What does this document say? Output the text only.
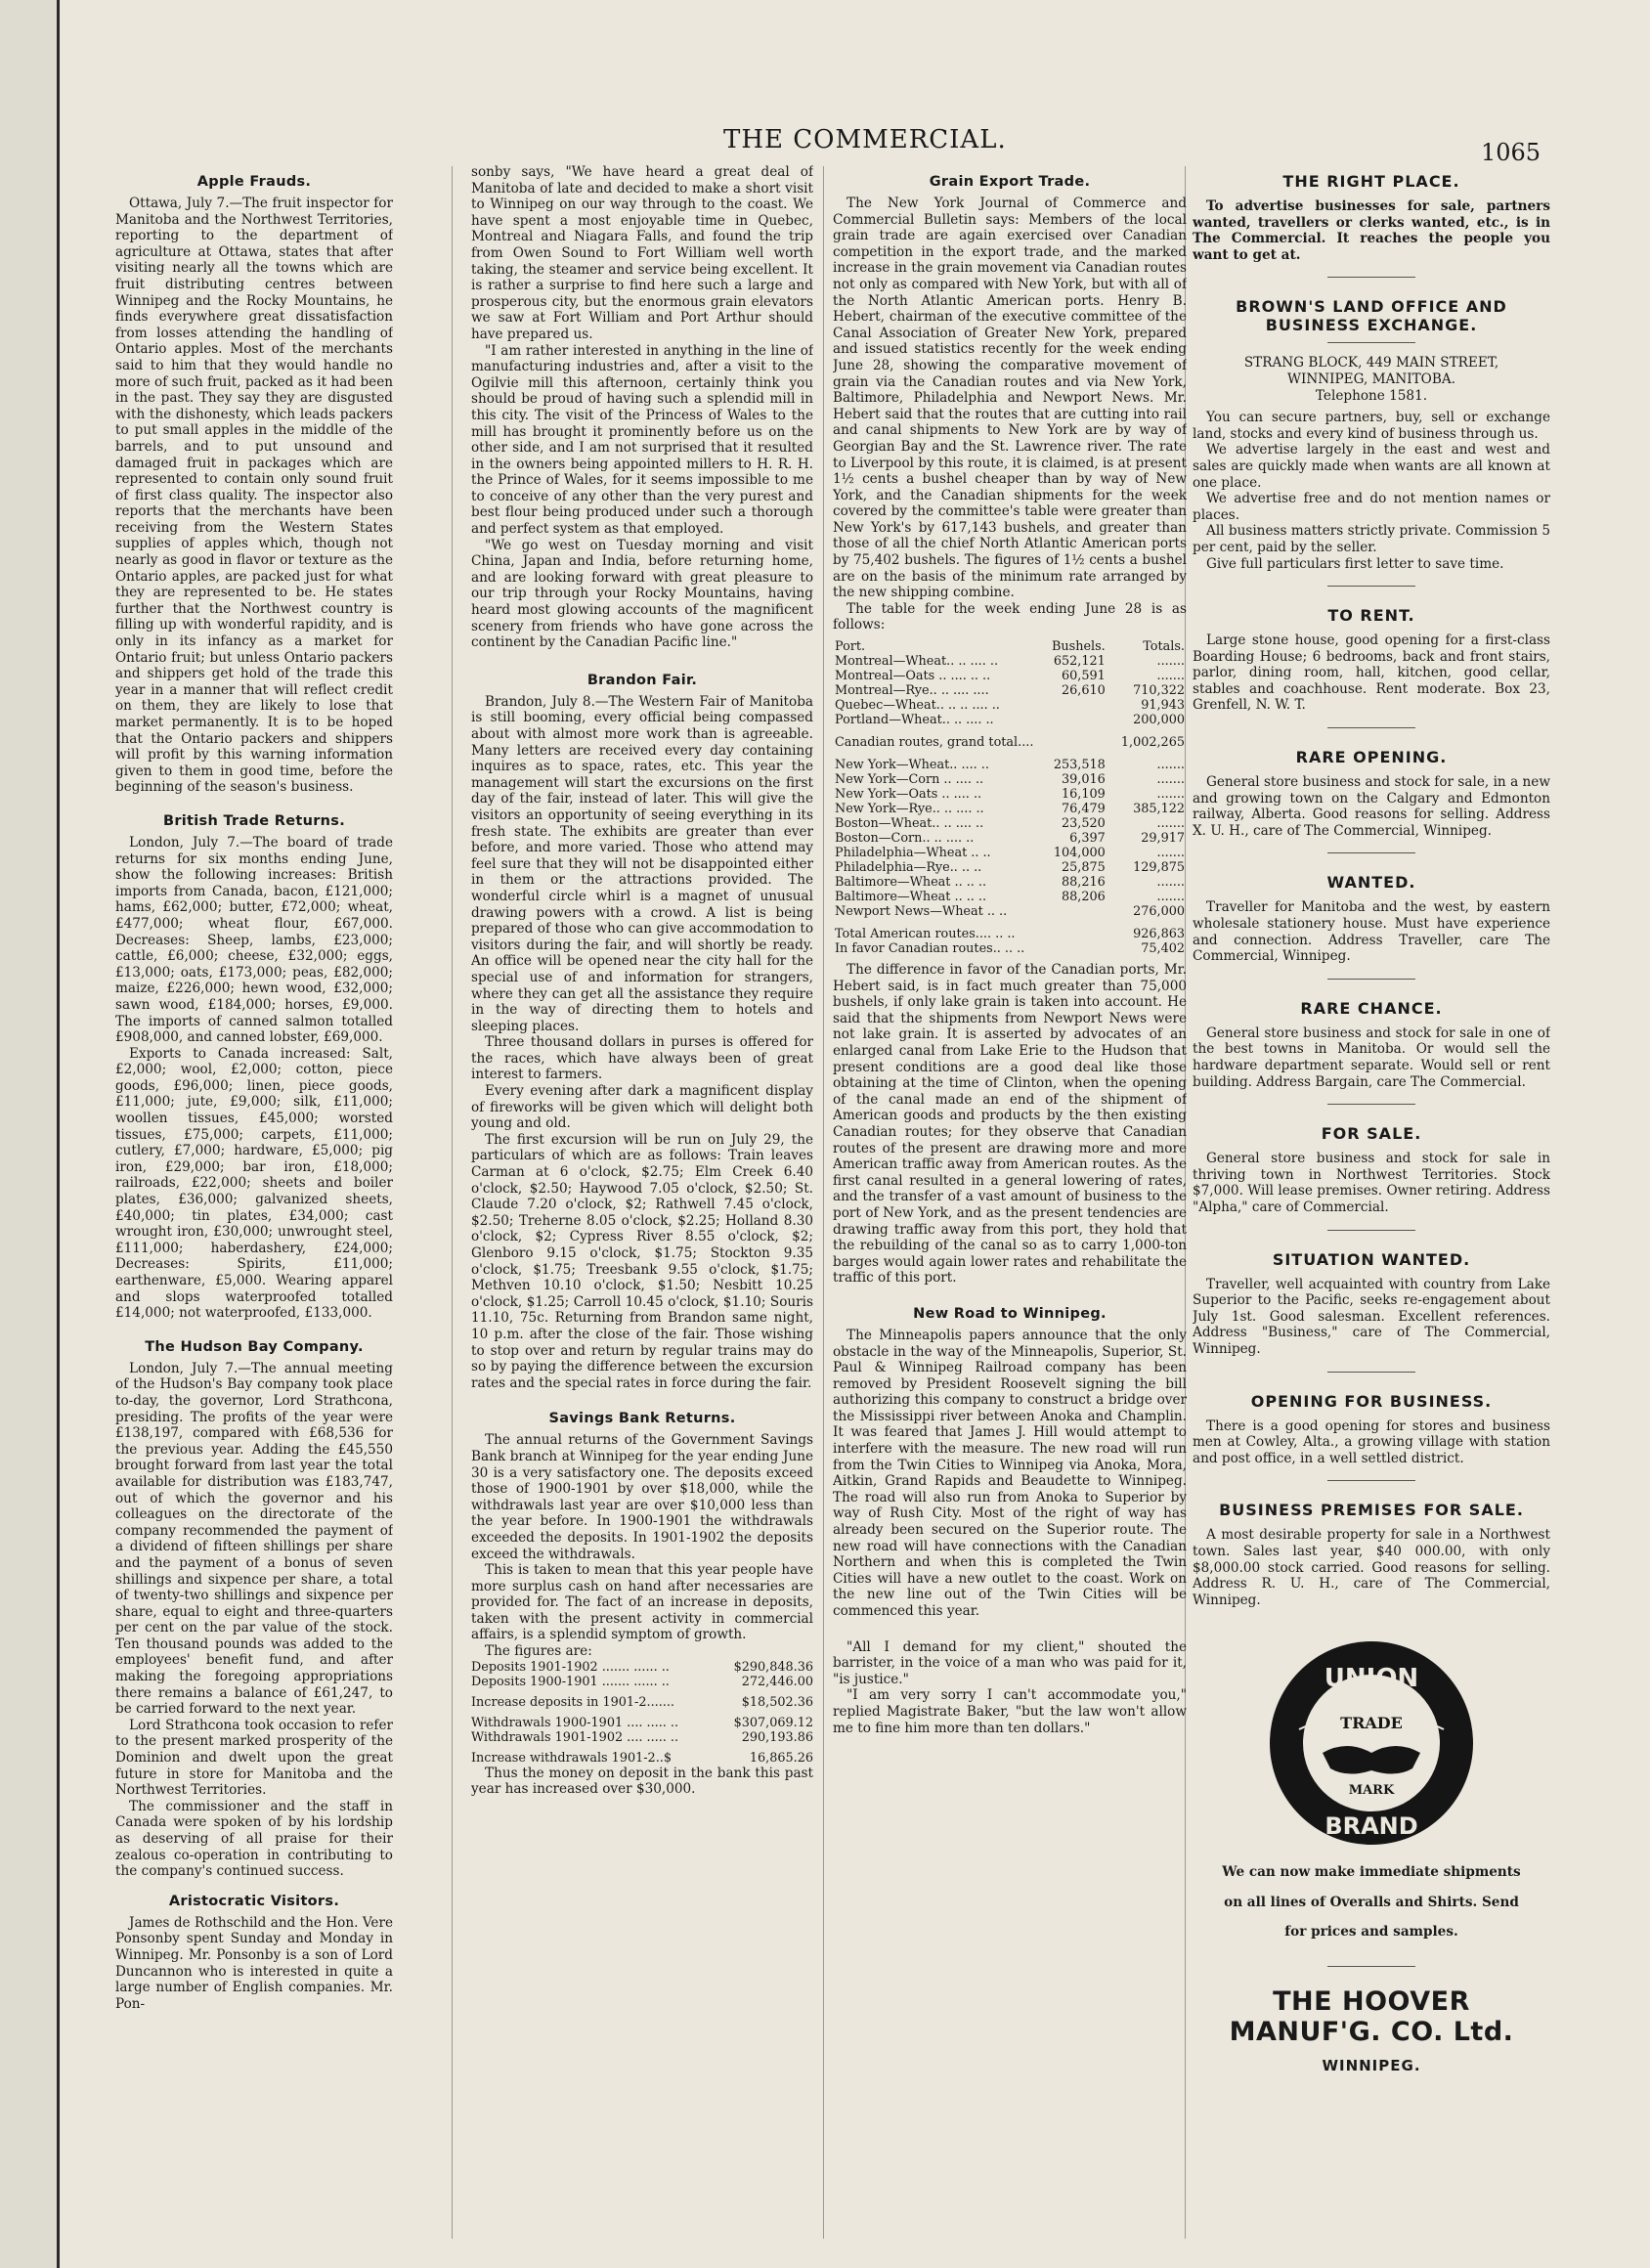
THE COMMERCIAL.	1065
Apple Frauds.

Ottawa, July 7.—The fruit inspector for Manitoba and the Northwest Territories, reporting to the department of agriculture at Ottawa, states that after visiting nearly all the towns which are fruit distributing centres between Winnipeg and the Rocky Mountains, he finds everywhere great dissatisfaction from losses attending the handling of Ontario apples. Most of the merchants said to him that they would handle no more of such fruit, packed as it had been in the past. They say they are disgusted with the dishonesty, which leads packers to put small apples in the middle of the barrels, and to put unsound and damaged fruit in packages which are represented to contain only sound fruit of first class quality. The inspector also reports that the merchants have been receiving from the Western States supplies of apples which, though not nearly as good in flavor or texture as the Ontario apples, are packed just for what they are represented to be. He states further that the Northwest country is filling up with wonderful rapidity, and is only in its infancy as a market for Ontario fruit; but unless Ontario packers and shippers get hold of the trade this year in a manner that will reflect credit on them, they are likely to lose that market permanently. It is to be hoped that the Ontario packers and shippers will profit by this warning information given to them in good time, before the beginning of the season's business.

British Trade Returns.

London, July 7.—The board of trade returns for six months ending June, show the following increases: British imports from Canada, bacon, £121,000; hams, £62,000; butter, £72,000; wheat, £477,000; wheat flour, £67,000. Decreases: Sheep, lambs, £23,000; cattle, £6,000; cheese, £32,000; eggs, £13,000; oats, £173,000; peas, £82,000; maize, £226,000; hewn wood, £32,000; sawn wood, £184,000; horses, £9,000. The imports of canned salmon totalled £908,000, and canned lobster, £69,000.

Exports to Canada increased: Salt, £2,000; wool, £2,000; cotton, piece goods, £96,000; linen, piece goods, £11,000; jute, £9,000; silk, £11,000; woollen tissues, £45,000; worsted tissues, £75,000; carpets, £11,000; cutlery, £7,000; hardware, £5,000; pig iron, £29,000; bar iron, £18,000; railroads, £22,000; sheets and boiler plates, £36,000; galvanized sheets, £40,000; tin plates, £34,000; cast wrought iron, £30,000; unwrought steel, £111,000; haberdashery, £24,000; Decreases: Spirits, £11,000; earthenware, £5,000. Wearing apparel and slops waterproofed totalled £14,000; not waterproofed, £133,000.

The Hudson Bay Company.

London, July 7.—The annual meeting of the Hudson's Bay company took place to-day, the governor, Lord Strathcona, presiding. The profits of the year were £138,197, compared with £68,536 for the previous year. Adding the £45,550 brought forward from last year the total available for distribution was £183,747, out of which the governor and his colleagues on the directorate of the company recommended the payment of a dividend of fifteen shillings per share and the payment of a bonus of seven shillings and sixpence per share, a total of twenty-two shillings and sixpence per share, equal to eight and three-quarters per cent on the par value of the stock. Ten thousand pounds was added to the employees' benefit fund, and after making the foregoing appropriations there remains a balance of £61,247, to be carried forward to the next year.

Lord Strathcona took occasion to refer to the present marked prosperity of the Dominion and dwelt upon the great future in store for Manitoba and the Northwest Territories.

The commissioner and the staff in Canada were spoken of by his lordship as deserving of all praise for their zealous co-operation in contributing to the company's continued success.

Aristocratic Visitors.

James de Rothschild and the Hon. Vere Ponsonby spent Sunday and Monday in Winnipeg. Mr. Ponsonby is a son of Lord Duncannon who is interested in quite a large number of English companies. Mr. Pon-

sonby says, "We have heard a great deal of Manitoba of late and decided to make a short visit to Winnipeg on our way through to the coast. We have spent a most enjoyable time in Quebec, Montreal and Niagara Falls, and found the trip from Owen Sound to Fort William well worth taking, the steamer and service being excellent. It is rather a surprise to find here such a large and prosperous city, but the enormous grain elevators we saw at Fort William and Port Arthur should have prepared us.

"I am rather interested in anything in the line of manufacturing industries and, after a visit to the Ogilvie mill this afternoon, certainly think you should be proud of having such a splendid mill in this city. The visit of the Princess of Wales to the mill has brought it prominently before us on the other side, and I am not surprised that it resulted in the owners being appointed millers to H. R. H. the Prince of Wales, for it seems impossible to me to conceive of any other than the very purest and best flour being produced under such a thorough and perfect system as that employed.

"We go west on Tuesday morning and visit China, Japan and India, before returning home, and are looking forward with great pleasure to our trip through your Rocky Mountains, having heard most glowing accounts of the magnificent scenery from friends who have gone across the continent by the Canadian Pacific line."

Brandon Fair.

Brandon, July 8.—The Western Fair of Manitoba is still booming, every official being compassed about with almost more work than is agreeable. Many letters are received every day containing inquires as to space, rates, etc. This year the management will start the excursions on the first day of the fair, instead of later. This will give the visitors an opportunity of seeing everything in its fresh state. The exhibits are greater than ever before, and more varied. Those who attend may feel sure that they will not be disappointed either in them or the attractions provided. The wonderful circle whirl is a magnet of unusual drawing powers with a crowd. A list is being prepared of those who can give accommodation to visitors during the fair, and will shortly be ready. An office will be opened near the city hall for the special use of and information for strangers, where they can get all the assistance they require in the way of directing them to hotels and sleeping places.

Three thousand dollars in purses is offered for the races, which have always been of great interest to farmers.

Every evening after dark a magnificent display of fireworks will be given which will delight both young and old.

The first excursion will be run on July 29, the particulars of which are as follows: Train leaves Carman at 6 o'clock, $2.75; Elm Creek 6.40 o'clock, $2.50; Haywood 7.05 o'clock, $2.50; St. Claude 7.20 o'clock, $2; Rathwell 7.45 o'clock, $2.50; Treherne 8.05 o'clock, $2.25; Holland 8.30 o'clock, $2; Cypress River 8.55 o'clock, $2; Glenboro 9.15 o'clock, $1.75; Stockton 9.35 o'clock, $1.75; Treesbank 9.55 o'clock, $1.75; Methven 10.10 o'clock, $1.50; Nesbitt 10.25 o'clock, $1.25; Carroll 10.45 o'clock, $1.10; Souris 11.10, 75c. Returning from Brandon same night, 10 p.m. after the close of the fair. Those wishing to stop over and return by regular trains may do so by paying the difference between the excursion rates and the special rates in force during the fair.

Savings Bank Returns.

The annual returns of the Government Savings Bank branch at Winnipeg for the year ending June 30 is a very satisfactory one. The deposits exceed those of 1900-1901 by over $18,000, while the withdrawals last year are over $10,000 less than the year before. In 1900-1901 the withdrawals exceeded the deposits. In 1901-1902 the deposits exceed the withdrawals.

This is taken to mean that this year people have more surplus cash on hand after necessaries are provided for. The fact of an increase in deposits, taken with the present activity in commercial affairs, is a splendid symptom of growth.

The figures are:

Deposits 1901-1902 ....... ...... ..	$290,848.36
Deposits 1900-1901 ....... ...... ..	272,446.00
Increase deposits in 1901-2.......	$18,502.36
Withdrawals 1900-1901 .... ..... ..	$307,069.12
Withdrawals 1901-1902 .... ..... ..	290,193.86
Increase withdrawals 1901-2..$	16,865.26

Thus the money on deposit in the bank this past year has increased over $30,000.

Grain Export Trade.

The New York Journal of Commerce and Commercial Bulletin says: Members of the local grain trade are again exercised over Canadian competition in the export trade, and the marked increase in the grain movement via Canadian routes not only as compared with New York, but with all of the North Atlantic American ports. Henry B. Hebert, chairman of the executive committee of the Canal Association of Greater New York, prepared and issued statistics recently for the week ending June 28, showing the comparative movement of grain via the Canadian routes and via New York, Baltimore, Philadelphia and Newport News. Mr. Hebert said that the routes that are cutting into rail and canal shipments to New York are by way of Georgian Bay and the St. Lawrence river. The rate to Liverpool by this route, it is claimed, is at present 1½ cents a bushel cheaper than by way of New York, and the Canadian shipments for the week covered by the committee's table were greater than New York's by 617,143 bushels, and greater than those of all the chief North Atlantic American ports by 75,402 bushels. The figures of 1½ cents a bushel are on the basis of the minimum rate arranged by the new shipping combine.

The table for the week ending June 28 is as follows:

Port.	Bushels.	Totals.
Montreal—Wheat.. .. .... ..	652,121	.......
Montreal—Oats .. .... .. ..	60,591	.......
Montreal—Rye.. .. .... ....	26,610	710,322
Quebec—Wheat.. .. .. .... ..		91,943
Portland—Wheat.. .. .... ..		200,000
Canadian routes, grand total....		1,002,265
New York—Wheat.. .... ..	253,518	.......
New York—Corn .. .... ..	39,016	.......
New York—Oats .. .... ..	16,109	.......
New York—Rye.. .. .... ..	76,479	385,122
Boston—Wheat.. .. .... ..	23,520	.......
Boston—Corn.. .. .... ..	6,397	29,917
Philadelphia—Wheat .. ..	104,000	.......
Philadelphia—Rye.. .. ..	25,875	129,875
Baltimore—Wheat .. .. ..	88,216	.......
Baltimore—Wheat .. .. ..	88,206	.......
Newport News—Wheat .. ..		276,000
Total American routes.... .. ..		926,863
In favor Canadian routes.. .. ..		75,402

The difference in favor of the Canadian ports, Mr. Hebert said, is in fact much greater than 75,000 bushels, if only lake grain is taken into account. He said that the shipments from Newport News were not lake grain. It is asserted by advocates of an enlarged canal from Lake Erie to the Hudson that present conditions are a good deal like those obtaining at the time of Clinton, when the opening of the canal made an end of the shipment of American goods and products by the then existing Canadian routes; for they observe that Canadian routes of the present are drawing more and more American traffic away from American routes. As the first canal resulted in a general lowering of rates, and the transfer of a vast amount of business to the port of New York, and as the present tendencies are drawing traffic away from this port, they hold that the rebuilding of the canal so as to carry 1,000-ton barges would again lower rates and rehabilitate the traffic of this port.

New Road to Winnipeg.

The Minneapolis papers announce that the only obstacle in the way of the Minneapolis, Superior, St. Paul & Winnipeg Railroad company has been removed by President Roosevelt signing the bill authorizing this company to construct a bridge over the Mississippi river between Anoka and Champlin. It was feared that James J. Hill would attempt to interfere with the measure. The new road will run from the Twin Cities to Winnipeg via Anoka, Mora, Aitkin, Grand Rapids and Beaudette to Winnipeg. The road will also run from Anoka to Superior by way of Rush City. Most of the right of way has already been secured on the Superior route. The new road will have connections with the Canadian Northern and when this is completed the Twin Cities will have a new outlet to the coast. Work on the new line out of the Twin Cities will be commenced this year.

"All I demand for my client," shouted the barrister, in the voice of a man who was paid for it, "is justice."

"I am very sorry I can't accommodate you," replied Magistrate Baker, "but the law won't allow me to fine him more than ten dollars."

THE RIGHT PLACE.

To advertise businesses for sale, partners wanted, travellers or clerks wanted, etc., is in The Commercial. It reaches the people you want to get at.

BROWN'S LAND OFFICE AND BUSINESS EXCHANGE.

STRANG BLOCK, 449 MAIN STREET,

WINNIPEG, MANITOBA.

Telephone 1581.

You can secure partners, buy, sell or exchange land, stocks and every kind of business through us.

We advertise largely in the east and west and sales are quickly made when wants are all known at one place.

We advertise free and do not mention names or places.

All business matters strictly private. Commission 5 per cent, paid by the seller.

Give full particulars first letter to save time.

TO RENT.

Large stone house, good opening for a first-class Boarding House; 6 bedrooms, back and front stairs, parlor, dining room, hall, kitchen, good cellar, stables and coachhouse. Rent moderate. Box 23, Grenfell, N. W. T.

RARE OPENING.

General store business and stock for sale, in a new and growing town on the Calgary and Edmonton railway, Alberta. Good reasons for selling. Address X. U. H., care of The Commercial, Winnipeg.

WANTED.

Traveller for Manitoba and the west, by eastern wholesale stationery house. Must have experience and connection. Address Traveller, care The Commercial, Winnipeg.

RARE CHANCE.

General store business and stock for sale in one of the best towns in Manitoba. Or would sell the hardware department separate. Would sell or rent building. Address Bargain, care The Commercial.

FOR SALE.

General store business and stock for sale in thriving town in Northwest Territories. Stock $7,000. Will lease premises. Owner retiring. Address "Alpha," care of Commercial.

SITUATION WANTED.

Traveller, well acquainted with country from Lake Superior to the Pacific, seeks re-engagement about July 1st. Good salesman. Excellent references. Address "Business," care of The Commercial, Winnipeg.

OPENING FOR BUSINESS.

There is a good opening for stores and business men at Cowley, Alta., a growing village with station and post office, in a well settled district.

BUSINESS PREMISES FOR SALE.

A most desirable property for sale in a Northwest town. Sales last year, $40 000.00, with only $8,000.00 stock carried. Good reasons for selling. Address R. U. H., care of The Commercial, Winnipeg.

UNION
TRADE
MARK
BRAND

We can now make immediate shipments

on all lines of Overalls and Shirts. Send

for prices and samples.

THE HOOVER MANUF'G. CO. Ltd.
WINNIPEG.
